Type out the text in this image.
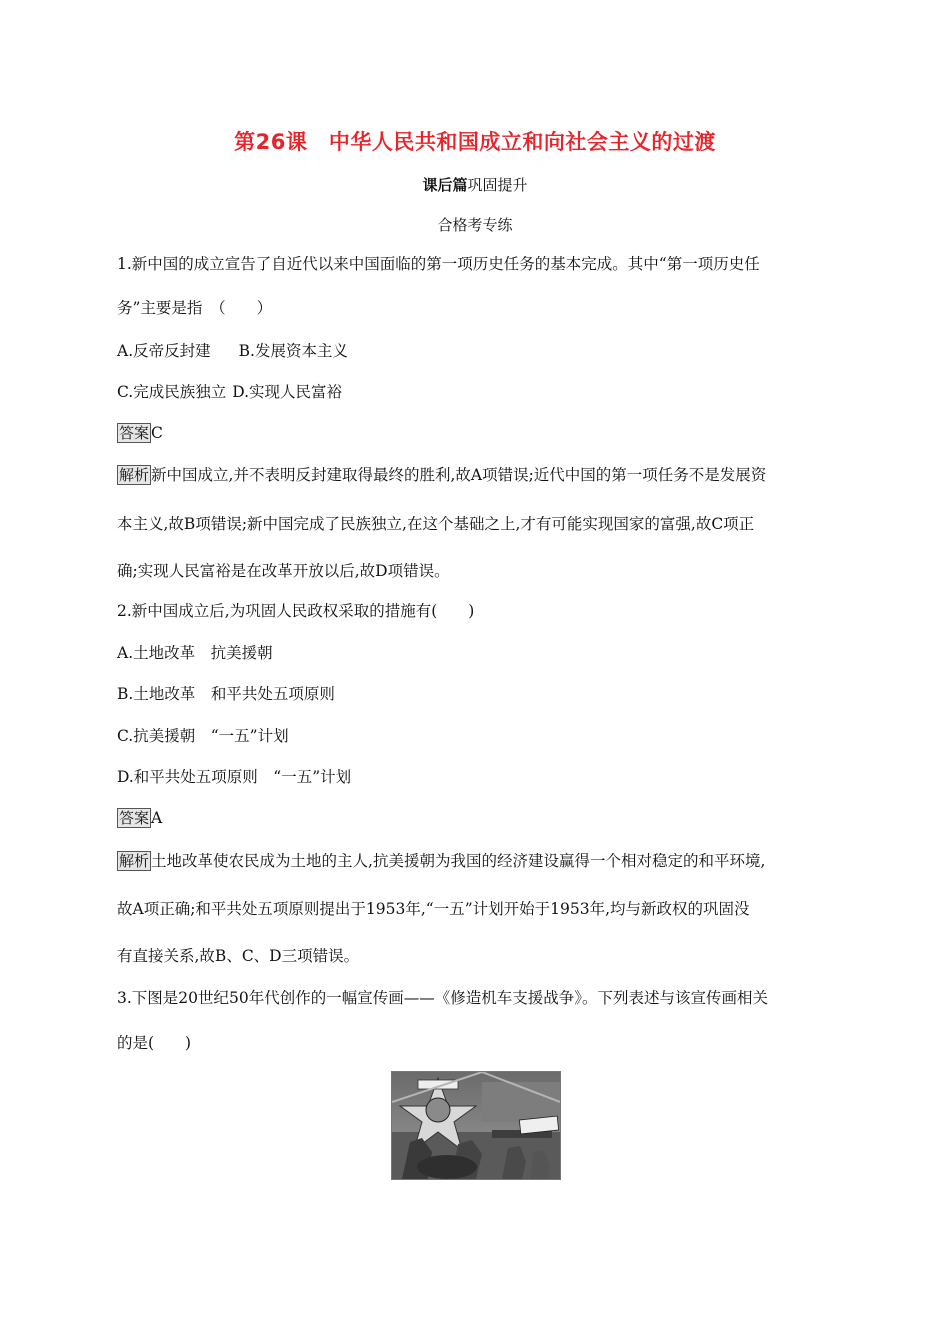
第26课　中华人民共和国成立和向社会主义的过渡
课后篇巩固提升
合格考专练
1.新中国的成立宣告了自近代以来中国面临的第一项历史任务的基本完成。其中“第一项历史任
务”主要是指　（　　）
A.反帝反封建 B.发展资本主义
C.完成民族独立 D.实现人民富裕
答案 C
解析 新中国成立,并不表明反封建取得最终的胜利,故A项错误;近代中国的第一项任务不是发展资
本主义,故B项错误;新中国完成了民族独立,在这个基础之上,才有可能实现国家的富强,故C项正
确;实现人民富裕是在改革开放以后,故D项错误。
2.新中国成立后,为巩固人民政权采取的措施有(　　)
A.土地改革　抗美援朝
B.土地改革　和平共处五项原则
C.抗美援朝　“一五”计划
D.和平共处五项原则　“一五”计划
答案 A
解析 土地改革使农民成为土地的主人,抗美援朝为我国的经济建设赢得一个相对稳定的和平环境,
故A项正确;和平共处五项原则提出于1953年,“一五”计划开始于1953年,均与新政权的巩固没
有直接关系,故B、C、D三项错误。
3.下图是20世纪50年代创作的一幅宣传画——《修造机车支援战争》。下列表述与该宣传画相关
的是(　　)
